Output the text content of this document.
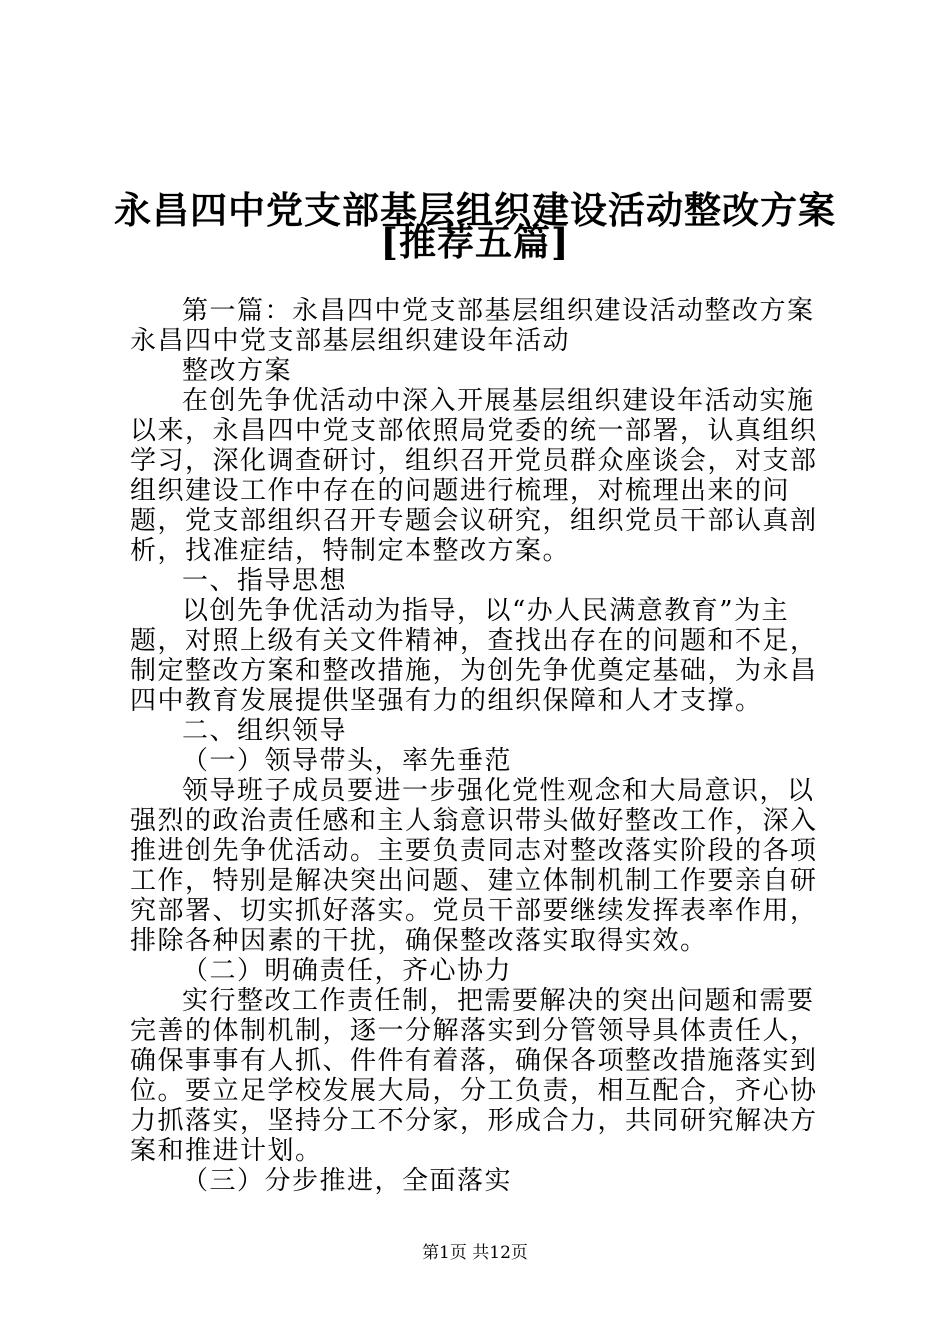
永昌四中党支部基层组织建设活动整改方案
[推荐五篇]

第一篇：永昌四中党支部基层组织建设活动整改方案永昌四中党支部基层组织建设年活动

整改方案

在创先争优活动中深入开展基层组织建设年活动实施以来，永昌四中党支部依照局党委的统一部署，认真组织学习，深化调查研讨，组织召开党员群众座谈会，对支部组织建设工作中存在的问题进行梳理，对梳理出来的问题，党支部组织召开专题会议研究，组织党员干部认真剖析，找准症结，特制定本整改方案。

一、指导思想

以创先争优活动为指导，以“办人民满意教育”为主题，对照上级有关文件精神，查找出存在的问题和不足，制定整改方案和整改措施，为创先争优奠定基础，为永昌四中教育发展提供坚强有力的组织保障和人才支撑。

二、组织领导

（一）领导带头，率先垂范

领导班子成员要进一步强化党性观念和大局意识，以强烈的政治责任感和主人翁意识带头做好整改工作，深入推进创先争优活动。主要负责同志对整改落实阶段的各项工作，特别是解决突出问题、建立体制机制工作要亲自研究部署、切实抓好落实。党员干部要继续发挥表率作用，排除各种因素的干扰，确保整改落实取得实效。

（二）明确责任，齐心协力

实行整改工作责任制，把需要解决的突出问题和需要完善的体制机制，逐一分解落实到分管领导具体责任人，确保事事有人抓、件件有着落，确保各项整改措施落实到位。要立足学校发展大局，分工负责，相互配合，齐心协力抓落实，坚持分工不分家，形成合力，共同研究解决方案和推进计划。

（三）分步推进，全面落实

第1页 共12页
